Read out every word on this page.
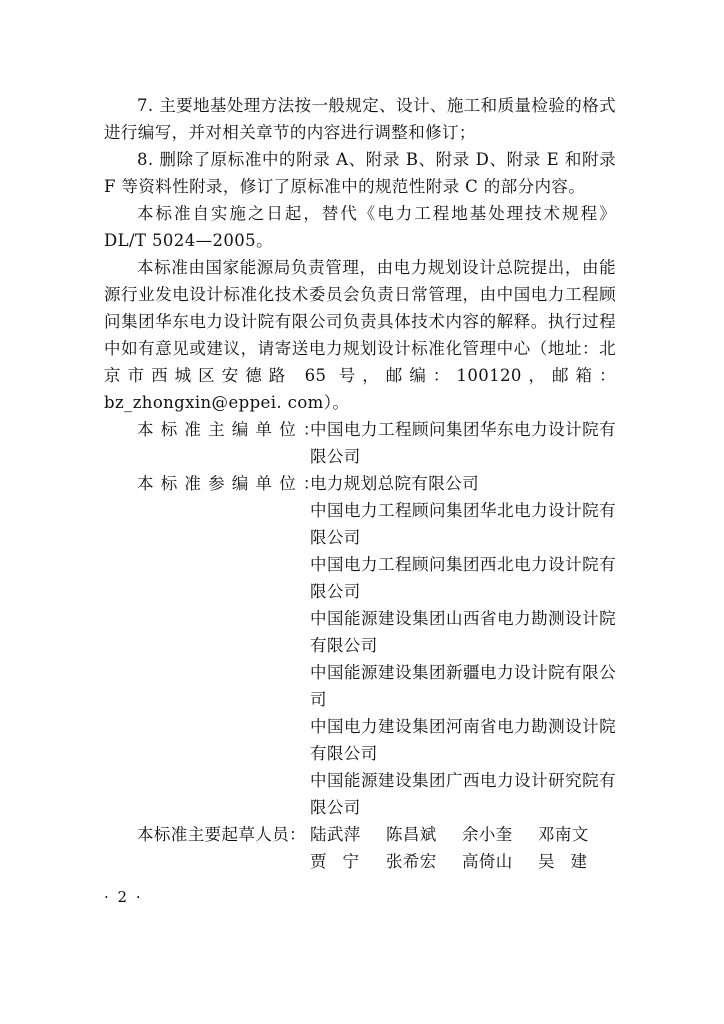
7. 主要地基处理方法按一般规定、设计、施工和质量检验的格式进行编写，并对相关章节的内容进行调整和修订；

8. 删除了原标准中的附录 A、附录 B、附录 D、附录 E 和附录 F 等资料性附录，修订了原标准中的规范性附录 C 的部分内容。

本标准自实施之日起，替代《电力工程地基处理技术规程》DL/T 5024—2005。

本标准由国家能源局负责管理，由电力规划设计总院提出，由能源行业发电设计标准化技术委员会负责日常管理，由中国电力工程顾问集团华东电力设计院有限公司负责具体技术内容的解释。执行过程中如有意见或建议，请寄送电力规划设计标准化管理中心（地址：北京市西城区安德路 65 号，邮编：100120，邮箱：bz_zhongxin@eppei. com）。

本标准主编单位：
中国电力工程顾问集团华东电力设计院有限公司
本标准参编单位：
电力规划总院有限公司
中国电力工程顾问集团华北电力设计院有限公司
中国电力工程顾问集团西北电力设计院有限公司
中国能源建设集团山西省电力勘测设计院有限公司
中国能源建设集团新疆电力设计院有限公司
中国电力建设集团河南省电力勘测设计院有限公司
中国能源建设集团广西电力设计研究院有限公司
本标准主要起草人员： 陆武萍	陈昌斌	余小奎	邓南文
贾宁 张希宏	高倚山	吴建
· 2 ·
